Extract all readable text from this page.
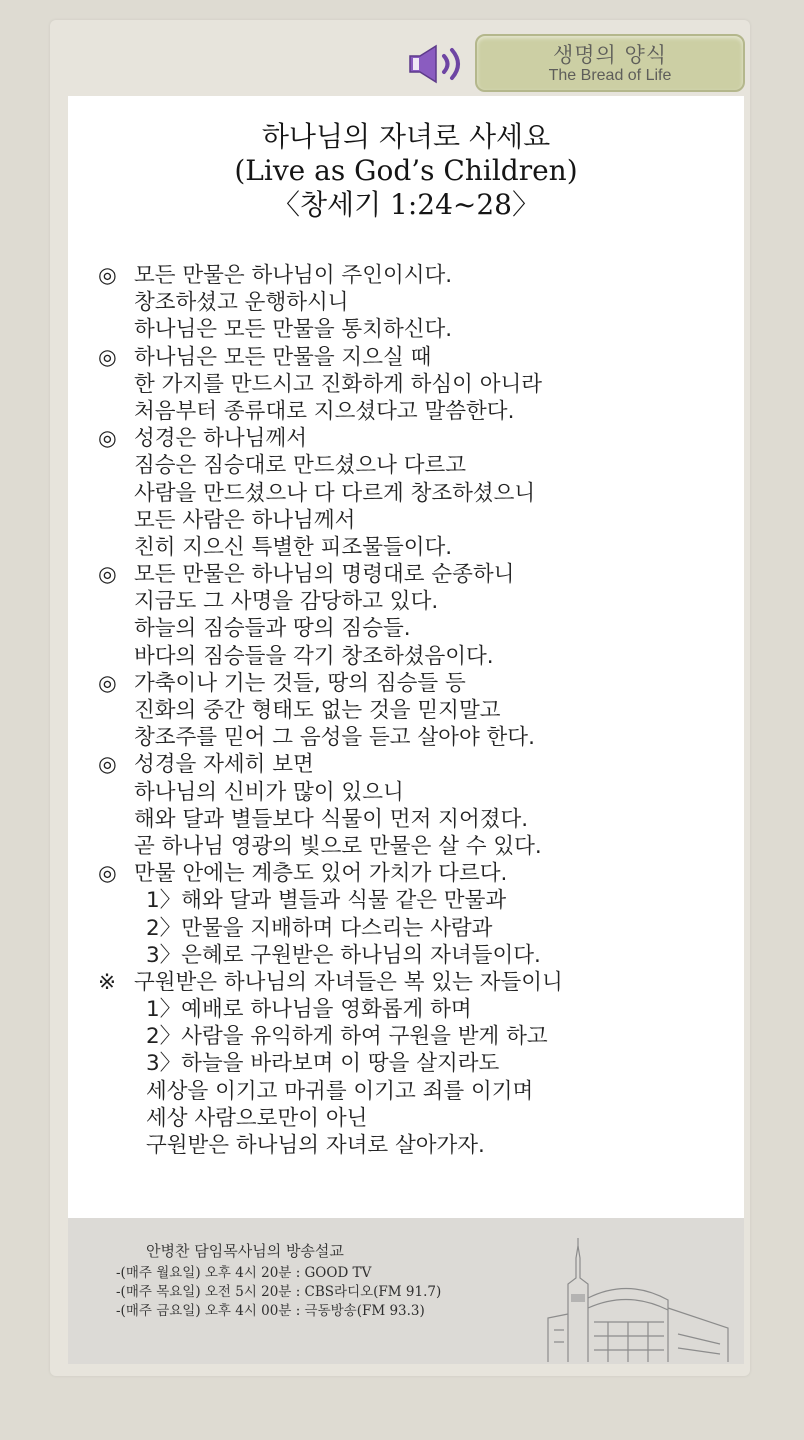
생명의 양식
The Bread of Life
하나님의 자녀로 사세요
(Live as God’s Children)
〈창세기 1:24~28〉
◎ 모든 만물은 하나님이 주인이시다.
창조하셨고 운행하시니
하나님은 모든 만물을 통치하신다.
◎ 하나님은 모든 만물을 지으실 때
한 가지를 만드시고 진화하게 하심이 아니라
처음부터 종류대로 지으셨다고 말씀한다.
◎ 성경은 하나님께서
짐승은 짐승대로 만드셨으나 다르고
사람을 만드셨으나 다 다르게 창조하셨으니
모든 사람은 하나님께서
친히 지으신 특별한 피조물들이다.
◎ 모든 만물은 하나님의 명령대로 순종하니
지금도 그 사명을 감당하고 있다.
하늘의 짐승들과 땅의 짐승들.
바다의 짐승들을 각기 창조하셨음이다.
◎ 가축이나 기는 것들, 땅의 짐승들 등
진화의 중간 형태도 없는 것을 믿지말고
창조주를 믿어 그 음성을 듣고 살아야 한다.
◎ 성경을 자세히 보면
하나님의 신비가 많이 있으니
해와 달과 별들보다 식물이 먼저 지어졌다.
곧 하나님 영광의 빛으로 만물은 살 수 있다.
◎ 만물 안에는 계층도 있어 가치가 다르다.
1〉해와 달과 별들과 식물 같은 만물과
2〉만물을 지배하며 다스리는 사람과
3〉은혜로 구원받은 하나님의 자녀들이다.
※ 구원받은 하나님의 자녀들은 복 있는 자들이니
1〉예배로 하나님을 영화롭게 하며
2〉사람을 유익하게 하여 구원을 받게 하고
3〉하늘을 바라보며 이 땅을 살지라도
세상을 이기고 마귀를 이기고 죄를 이기며
세상 사람으로만이 아닌
구원받은 하나님의 자녀로 살아가자.
안병찬 담임목사님의 방송설교
-(매주 월요일) 오후 4시 20분 : GOOD TV
-(매주 목요일) 오전 5시 20분 : CBS라디오(FM 91.7)
-(매주 금요일) 오후 4시 00분 : 극동방송(FM 93.3)
